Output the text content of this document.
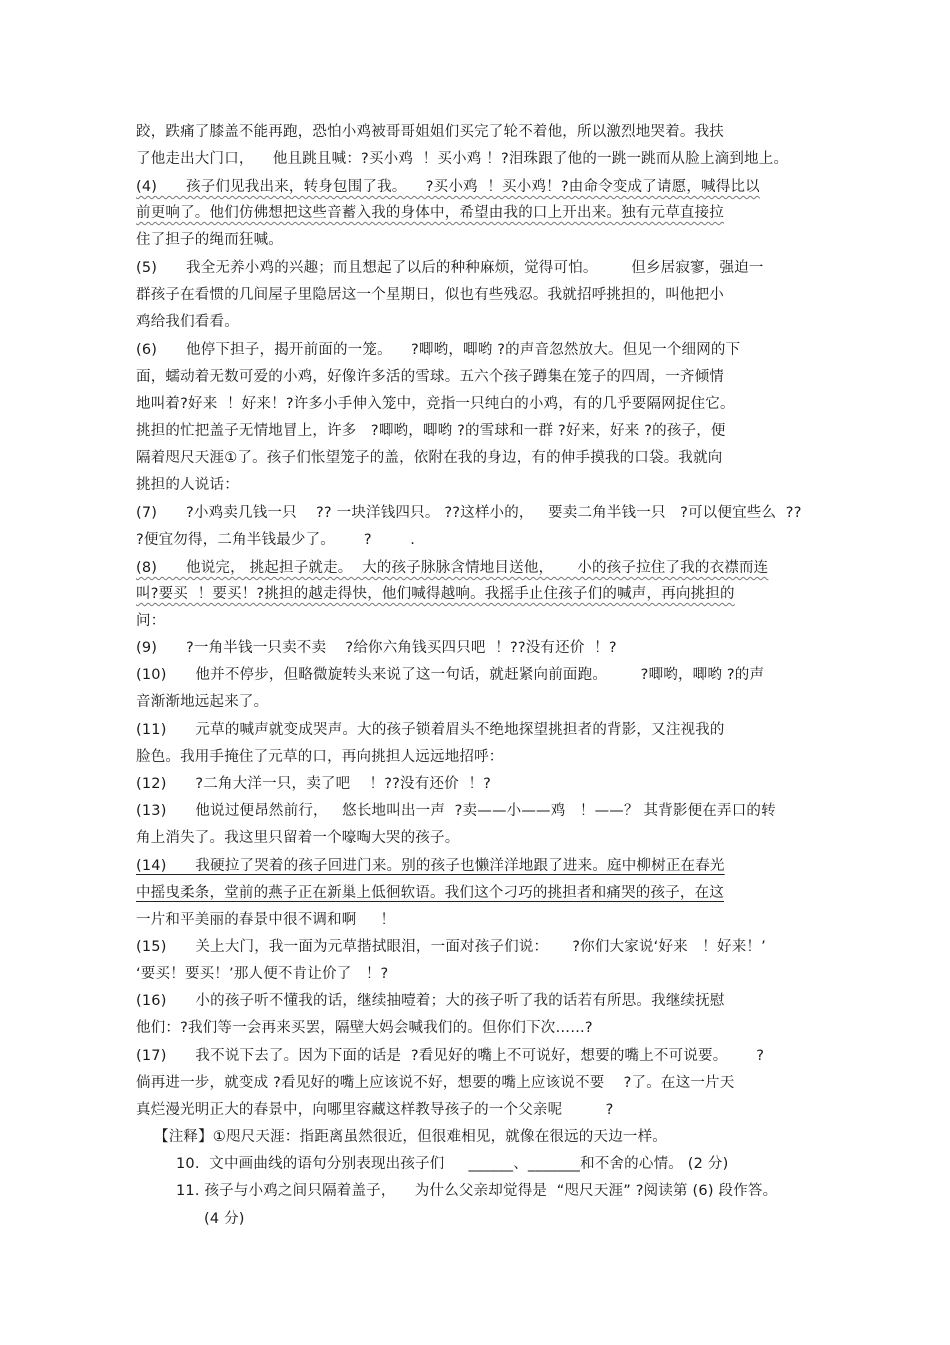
跤，跌痛了膝盖不能再跑，恐怕小鸡被哥哥姐姐们买完了轮不着他，所以激烈地哭着。我扶
了他走出大门口，    他且跳且喊：?买小鸡  ！买小鸡 ！?泪珠跟了他的一跳一跳而从脸上滴到地上。
(4)      孩子们见我出来，转身包围了我。    ?买小鸡  ！买小鸡！?由命令变成了请愿，喊得比以
前更响了。他们仿佛想把这些音蓄入我的身体中，希望由我的口上开出来。独有元草直接拉
住了担子的绳而狂喊。
(5)      我全无养小鸡的兴趣；而且想起了以后的种种麻烦，觉得可怕。       但乡居寂寥，强迫一
群孩子在看惯的几间屋子里隐居这一个星期日，似也有些残忍。我就招呼挑担的，叫他把小
鸡给我们看看。
(6)      他停下担子，揭开前面的一笼。    ?唧哟，唧哟 ?的声音忽然放大。但见一个细网的下
面，蠕动着无数可爱的小鸡，好像许多活的雪球。五六个孩子蹲集在笼子的四周，一齐倾情
地叫着?好来  ！好来！?许多小手伸入笼中，竞指一只纯白的小鸡，有的几乎要隔网捉住它。
挑担的忙把盖子无情地冒上，许多   ?唧哟，唧哟 ?的雪球和一群 ?好来，好来 ?的孩子，便
隔着咫尺天涯①了。孩子们怅望笼子的盖，依附在我的身边，有的伸手摸我的口袋。我就向
挑担的人说话：
(7)      ?小鸡卖几钱一只    ?? 一块洋钱四只。 ??这样小的，   要卖二角半钱一只   ?可以便宜些么  ??
?便宜勿得，二角半钱最少了。      ?        .
(8)      他说完， 挑起担子就走。  大的孩子脉脉含情地目送他，     小的孩子拉住了我的衣襟而连
叫?要买  ！要买！?挑担的越走得快，他们喊得越响。我摇手止住孩子们的喊声，再向挑担的
问：
(9)      ?一角半钱一只卖不卖    ?给你六角钱买四只吧  ！??没有还价  ！?
(10)      他并不停步，但略微旋转头来说了这一句话，就赶紧向前面跑。       ?唧哟，唧哟 ?的声
音渐渐地远起来了。
(11)      元草的喊声就变成哭声。大的孩子锁着眉头不绝地探望挑担者的背影，又注视我的
脸色。我用手掩住了元草的口，再向挑担人远远地招呼：
(12)      ?二角大洋一只，卖了吧    ！??没有还价  ！?
(13)      他说过便昂然前行，   悠长地叫出一声  ?卖——小——鸡   ！——？ 其背影便在弄口的转
角上消失了。我这里只留着一个嚎啕大哭的孩子。
(14)      我硬拉了哭着的孩子回进门来。别的孩子也懒洋洋地跟了进来。庭中柳树正在春光
中摇曳柔条，堂前的燕子正在新巢上低徊软语。我们这个刁巧的挑担者和痛哭的孩子，在这
一片和平美丽的春景中很不调和啊     ！
(15)      关上大门，我一面为元草揩拭眼泪，一面对孩子们说：     ?你们大家说‘好来   ！好来！’
‘要买！要买！’那人便不肯让价了   ！?
(16)      小的孩子听不懂我的话，继续抽噎着；大的孩子听了我的话若有所思。我继续抚慰
他们：?我们等一会再来买罢，隔壁大妈会喊我们的。但你们下次……?
(17)      我不说下去了。因为下面的话是  ?看见好的嘴上不可说好，想要的嘴上不可说要。      ?
倘再进一步，就变成 ?看见好的嘴上应该说不好，想要的嘴上应该说不要    ?了。在这一片天
真烂漫光明正大的春景中，向哪里容藏这样教导孩子的一个父亲呢         ?
【注释】①咫尺天涯：指距离虽然很近，但很难相见，就像在很远的天边一样。
10.  文中画曲线的语句分别表现出孩子们     ______、_______和不舍的心情。 (2 分)
11. 孩子与小鸡之间只隔着盖子，    为什么父亲却觉得是  “咫尺天涯” ?阅读第 (6) 段作答。
(4 分)
